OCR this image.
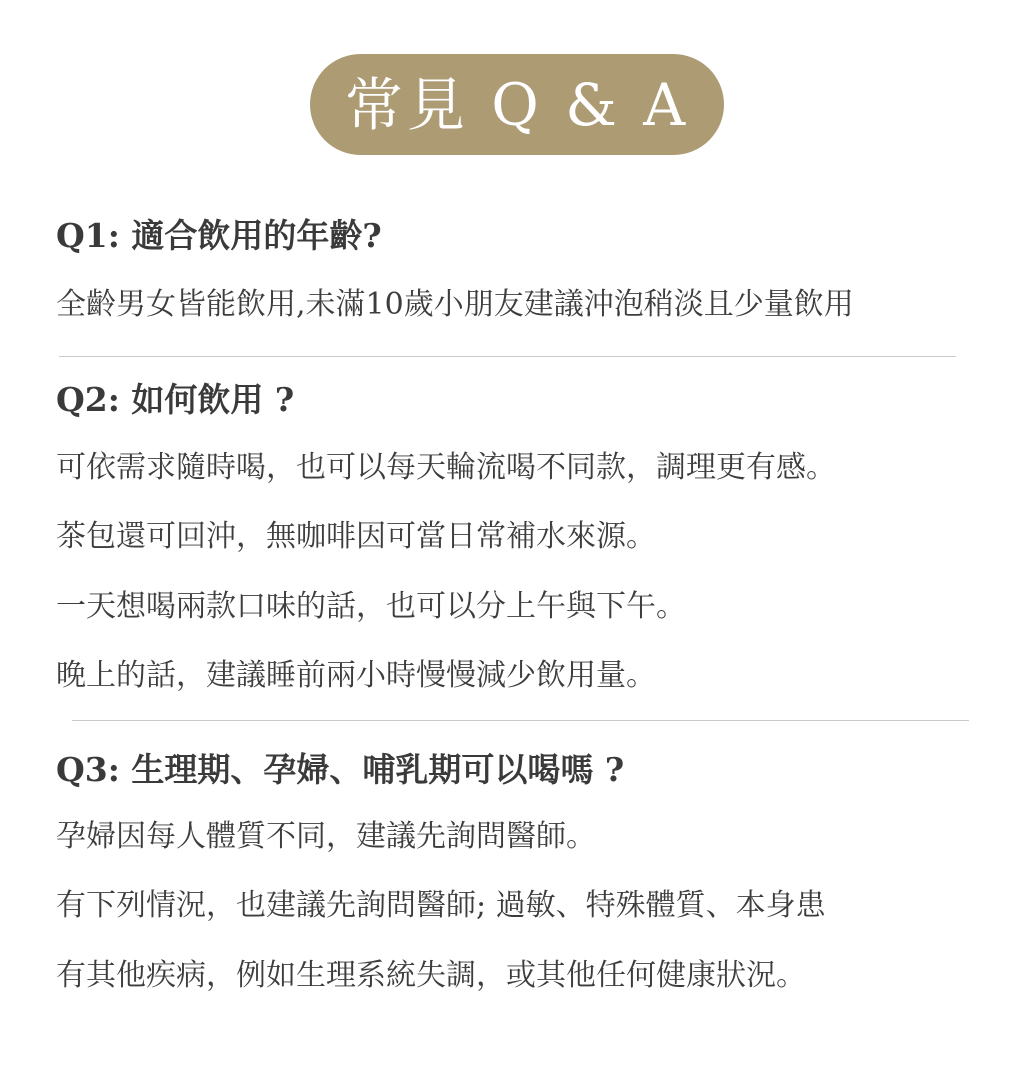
常見 Q & A
Q1: 適合飲用的年齡?
全齡男女皆能飲用,未滿10歲小朋友建議沖泡稍淡且少量飲用
Q2: 如何飲用 ?
可依需求隨時喝，也可以每天輪流喝不同款，調理更有感。
茶包還可回沖，無咖啡因可當日常補水來源。
一天想喝兩款口味的話，也可以分上午與下午。
晚上的話，建議睡前兩小時慢慢減少飲用量。
Q3: 生理期、孕婦、哺乳期可以喝嗎 ?
孕婦因每人體質不同，建議先詢問醫師。
有下列情況，也建議先詢問醫師; 過敏、特殊體質、本身患
有其他疾病，例如生理系統失調，或其他任何健康狀況。
